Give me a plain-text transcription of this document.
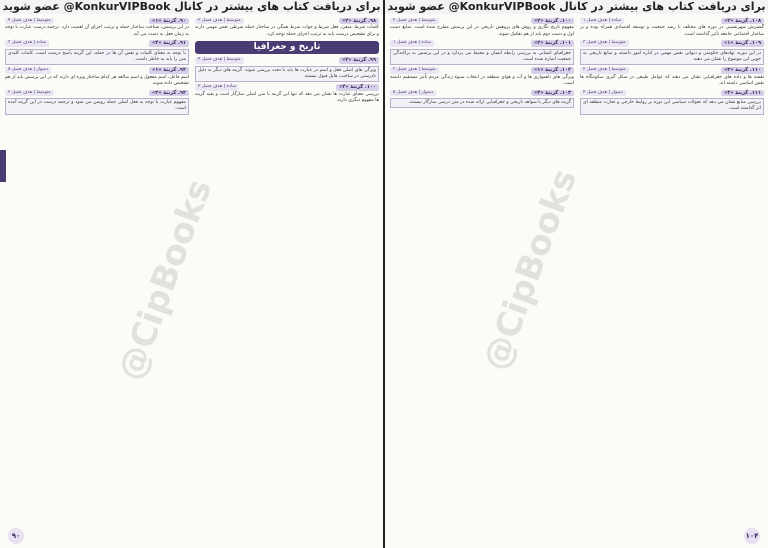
برای دریافت کتاب های بیشتر در کانال KonkurVIPBook@ عضو شوید
۹۸. گزینهٔ «۲»
متوسط | هدف فصل ۲
کلمات شرط، منفی، فعل شرط و جواب شرط همگی در ساختار جمله شرطی نقش مهمی دارند و برای تشخیص درست باید به ترتیب اجزای جمله توجه کرد.
تاریخ و جغرافیا
۹۹. گزینهٔ «۲»
متوسط | هدف فصل ۴
ویژگی های اصلی فعل و اسم در عبارت ها باید با دقت بررسی شوند. گزینه های دیگر به دلیل نادرستی در ساخت، قابل قبول نیستند.
۱۰۰. گزینهٔ «۴»
ساده | هدف فصل ۲
بررسی معنای عبارت ها نشان می دهد که تنها این گزینه با متن اصلی سازگار است و بقیه گزینه ها مفهوم دیگری دارند.
۹۰. گزینهٔ «۱»
متوسط | هدف فصل ۴
در این پرسش، شناخت ساختار جمله و ترتیب اجزای آن اهمیت دارد. ترجمه درست عبارت با توجه به زمان فعل به دست می آید.
۹۱. گزینهٔ «۴»
ساده | هدف فصل ۳
با توجه به معنای کلمات و نقش آن ها در جمله، این گزینه پاسخ درست است. کلمات کلیدی متن را باید به خاطر داشت.
۹۲. گزینهٔ «۱»
دشوار | هدف فصل ۵
اسم فاعل، اسم مفعول و اسم مبالغه هر کدام ساختار ویژه ای دارند که در این پرسش باید از هم تشخیص داده شوند.
۹۳. گزینهٔ «۳»
متوسط | هدف فصل ۲
مفهوم عبارت با توجه به فعل اصلی جمله روشن می شود و ترجمه درست در این گزینه آمده است.
@CipBooks
۹۰
برای دریافت کتاب های بیشتر در کانال KonkurVIPBook@ عضو شوید
۱۰۸. گزینهٔ «۲»
ساده | هدف فصل ۱
گسترش شهرنشینی در دوره های مختلف با رشد جمعیت و توسعه اقتصادی همراه بوده و بر ساختار اجتماعی جامعه تأثیر گذاشته است.
۱۰۹. گزینهٔ «۱»
متوسط | هدف فصل ۳
در این دوره، نهادهای حکومتی و دیوانی نقش مهمی در اداره امور داشتند و منابع تاریخی به خوبی این موضوع را نشان می دهند.
۱۱۰. گزینهٔ «۳»
متوسط | هدف فصل ۲
نقشه ها و داده های جغرافیایی نشان می دهند که عوامل طبیعی در شکل گیری سکونتگاه ها نقش اساسی داشته اند.
۱۱۱. گزینهٔ «۴»
دشوار | هدف فصل ۴
بررسی منابع نشان می دهد که تحولات سیاسی این دوره بر روابط خارجی و تجارت منطقه ای اثر گذاشته است.
۱۰۰. گزینهٔ «۲»
متوسط | هدف فصل ۲
مفهوم تاریخ نگاری و روش های پژوهش تاریخی در این پرسش مطرح شده است. منابع دست اول و دست دوم باید از هم تفکیک شوند.
۱۰۱. گزینهٔ «۳»
ساده | هدف فصل ۱
جغرافیای انسانی به بررسی رابطه انسان و محیط می پردازد و در این پرسش به پراکندگی جمعیت اشاره شده است.
۱۰۲. گزینهٔ «۱»
متوسط | هدف فصل ۳
ویژگی های ناهمواری ها و آب و هوای منطقه در انتخاب شیوه زندگی مردم تأثیر مستقیم داشته است.
۱۰۳. گزینهٔ «۴»
دشوار | هدف فصل ۵
گزینه های دیگر با شواهد تاریخی و جغرافیایی ارائه شده در متن درسی سازگار نیستند.
@CipBooks
۱۰۴
